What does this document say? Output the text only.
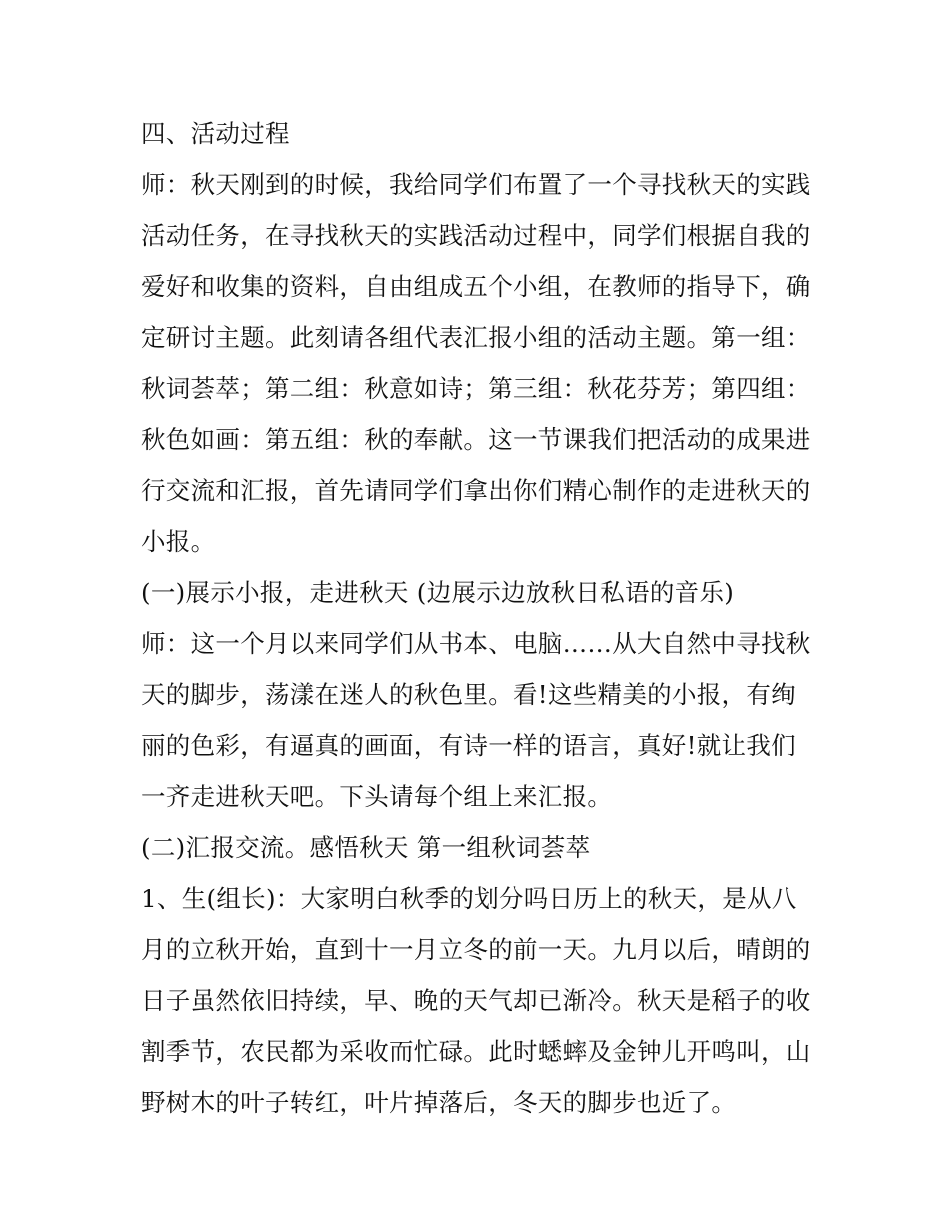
四、活动过程
师：秋天刚到的时候，我给同学们布置了一个寻找秋天的实践
活动任务，在寻找秋天的实践活动过程中，同学们根据自我的
爱好和收集的资料，自由组成五个小组，在教师的指导下，确
定研讨主题。此刻请各组代表汇报小组的活动主题。第一组：
秋词荟萃；第二组：秋意如诗；第三组：秋花芬芳；第四组：
秋色如画：第五组：秋的奉献。这一节课我们把活动的成果进
行交流和汇报，首先请同学们拿出你们精心制作的走进秋天的
小报。
(一)展示小报，走进秋天 (边展示边放秋日私语的音乐)
师：这一个月以来同学们从书本、电脑……从大自然中寻找秋
天的脚步，荡漾在迷人的秋色里。看!这些精美的小报，有绚
丽的色彩，有逼真的画面，有诗一样的语言，真好!就让我们
一齐走进秋天吧。下头请每个组上来汇报。
(二)汇报交流。感悟秋天 第一组秋词荟萃
1、生(组长)：大家明白秋季的划分吗日历上的秋天，是从八
月的立秋开始，直到十一月立冬的前一天。九月以后，晴朗的
日子虽然依旧持续，早、晚的天气却已渐冷。秋天是稻子的收
割季节，农民都为采收而忙碌。此时蟋蟀及金钟儿开鸣叫，山
野树木的叶子转红，叶片掉落后，冬天的脚步也近了。
